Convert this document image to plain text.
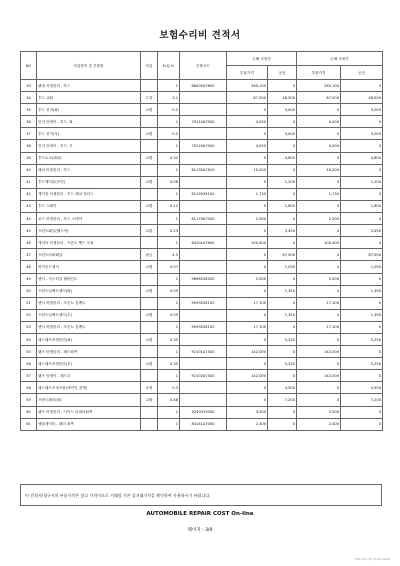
보험수리비 견적서
NO	작업항목 및 부품명	작업	H,Q,%	부품코드	손해 사정전		손해 사정후	
					부품가격	공임	부품가격	공임
33	펜네 어셈블리 - 후드		1	66400A7600	260,100	0	260,100	0
34	후드 교환	도장	3.1		87,500	46,500	87,500	46,500
35	후드 힌지(좌)	교환	0.2		0	3,000	0	3,000
36	힌지 앗세이 - 후드, 좌		1	79110A7000	4,000	0	4,000	0
37	후드 힌지(우)	교환	0.2		0	3,000	0	3,000
38	힌지 앗세이 - 후드, 우		1	79120A7000	4,000	0	4,000	0
39	후드로크(래치)	교환	0.32		0	4,800	0	4,800
40	래치 어셈블리 - 후드		1	81130A7610	10,200	0	10,200	0
41	후드케이블(조연)	교환	0.08		0	1,200	0	1,200
42	케이블 어셈블리 - 후드 래치 릴리스		1	811903X100	1,730	0	1,730	0
43	후드 스테이	교환	0.12		0	1,800	0	1,800
44	로드 어셈블리 - 후드 스테이		1	81170A7000	2,500	0	2,500	0
45	프런트패널(헬드작)	교환	0.23		0	3,450	0	3,450
46	캐리어 어셈블리 - 프론트 엔드 모듈		1	64101A7600	100,400	0	100,400	0
47	프런트어퍼패널	판금	4.5		0	67,500	0	67,500
48	바가운드센서	교환	0.07		0	1,050	0	1,050
49	센서 - 익스터널 템바인트		1	969853X000	5,000	0	5,000	0
50	프런트임팩트센서(좌)	교환	0.09		0	1,350	0	1,350
51	센서 어셈블리 - 프론트 임팩트		1	959303X100	17,100	0	17,100	0
52	프런트임팩트센서(우)	교환	0.09		0	1,350	0	1,350
53	센서 어셈블리 - 프론트 임팩트		1	959303X100	17,100	0	17,100	0
54	헤드램프어셈블리(좌)	교환	0.35		0	5,250	0	5,250
55	램프 어셈블리 - 헤드좌측		1	92101A7500	142,000	0	142,000	0
56	헤드램프어셈블리(우)	교환	0.35		0	5,250	0	5,250
57	램프 앗세이 - 헤드우		1	92102A7500	142,000	0	142,000	0
58	헤드램프조정포함(에이밍,전체)	조정	0.3		0	4,500	0	4,500
59	프런트펜더(좌)	교환	0.48		0	7,200	0	7,200
60	램프 어셈블리 - 사이드 리피터좌측		1	923031Y000	3,500	0	3,500	0
61	엠블레이터 - 펜더 좌측		1	84141A7000	2,400	0	2,400	0
이 견적서/청구서의 부품가격은 참고 가격이므로 거래될 기존 실거래가격을 확인하여 사용하시기 바랍니다.
AUTOMOBILE REPAIR COST On-line
페이지 : 3/9
TEXI-001 / 40_65-40-01000
